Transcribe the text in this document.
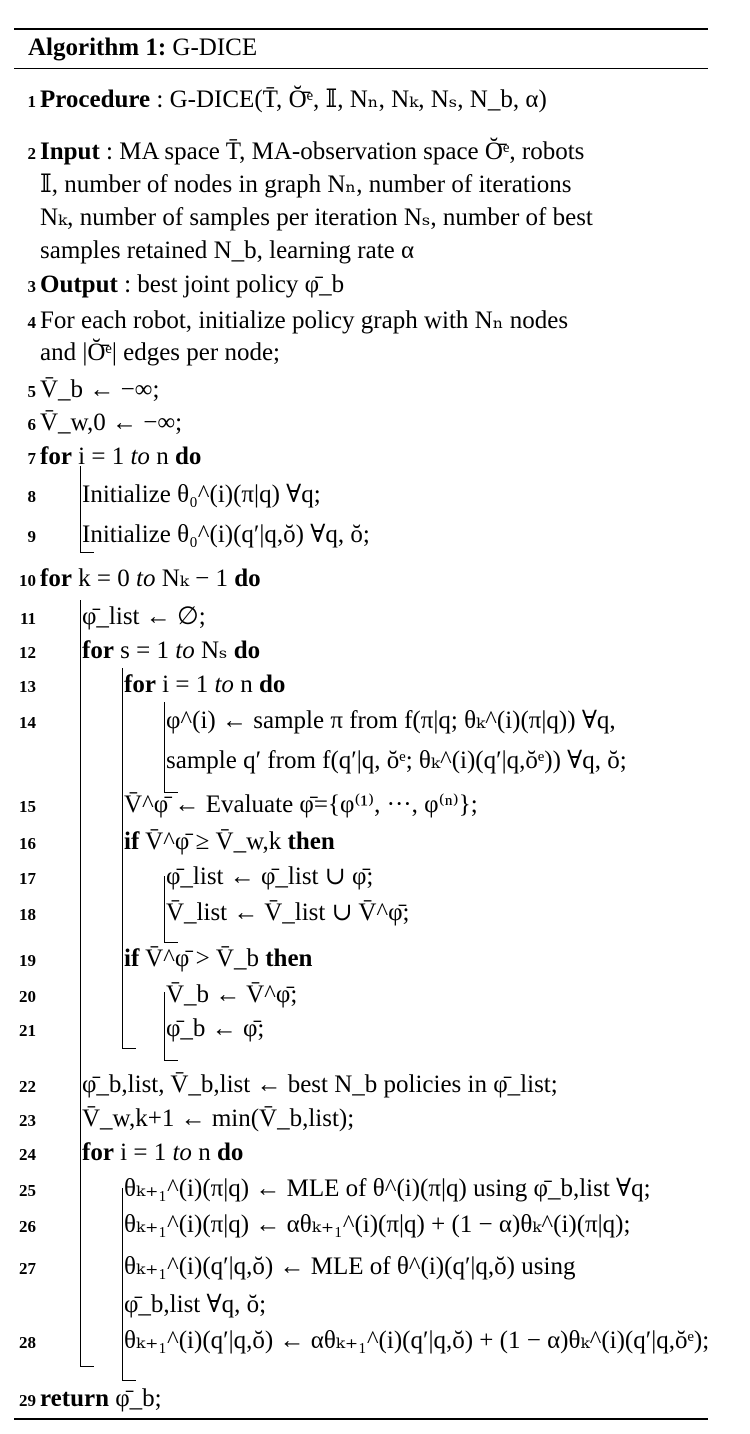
Algorithm 1: G-DICE
1 Procedure : G-DICE(T̄, Ŏ̄ᵉ, 𝕀, Nₙ, Nₖ, Nₛ, N_b, α)
2 Input : MA space T̄, MA-observation space Ŏ̄ᵉ, robots
𝕀, number of nodes in graph Nₙ, number of iterations
Nₖ, number of samples per iteration Nₛ, number of best
samples retained N_b, learning rate α
3 Output : best joint policy φ̄_b
4 For each robot, initialize policy graph with Nₙ nodes
and |Ŏ̄ᵉ| edges per node;
5 V̄_b ← −∞;
6 V̄_w,0 ← −∞;
7 for i = 1 to n do
8 Initialize θ₀^(i)(π|q) ∀q;
9 Initialize θ₀^(i)(q′|q,ŏ) ∀q, ŏ;
10 for k = 0 to Nₖ − 1 do
11 φ̄_list ← ∅;
12 for s = 1 to Nₛ do
13	for i = 1 to n do
14	φ^(i) ← sample π from f(π|q; θₖ^(i)(π|q)) ∀q,
sample q′ from f(q′|q, ŏᵉ; θₖ^(i)(q′|q,ŏᵉ)) ∀q, ŏ;
15	V̄^φ̄ ← Evaluate φ̄={φ⁽¹⁾, ···, φ⁽ⁿ⁾};
16	if V̄^φ̄ ≥ V̄_w,k then
17	φ̄_list ← φ̄_list ∪ φ̄;
18	V̄_list ← V̄_list ∪ V̄^φ̄;
19	if V̄^φ̄ > V̄_b then
20	V̄_b ← V̄^φ̄;
21	φ̄_b ← φ̄;
22 φ̄_b,list, V̄_b,list ← best N_b policies in φ̄_list;
23 V̄_w,k+1 ← min(V̄_b,list);
24 for i = 1 to n do
25	θₖ₊₁^(i)(π|q) ← MLE of θ^(i)(π|q) using φ̄_b,list ∀q;
26	θₖ₊₁^(i)(π|q) ← αθₖ₊₁^(i)(π|q) + (1 − α)θₖ^(i)(π|q);
27	θₖ₊₁^(i)(q′|q,ŏ) ← MLE of θ^(i)(q′|q,ŏ) using
φ̄_b,list ∀q, ŏ;
28	θₖ₊₁^(i)(q′|q,ŏ) ← αθₖ₊₁^(i)(q′|q,ŏ) + (1 − α)θₖ^(i)(q′|q,ŏᵉ);
29 return φ̄_b;
